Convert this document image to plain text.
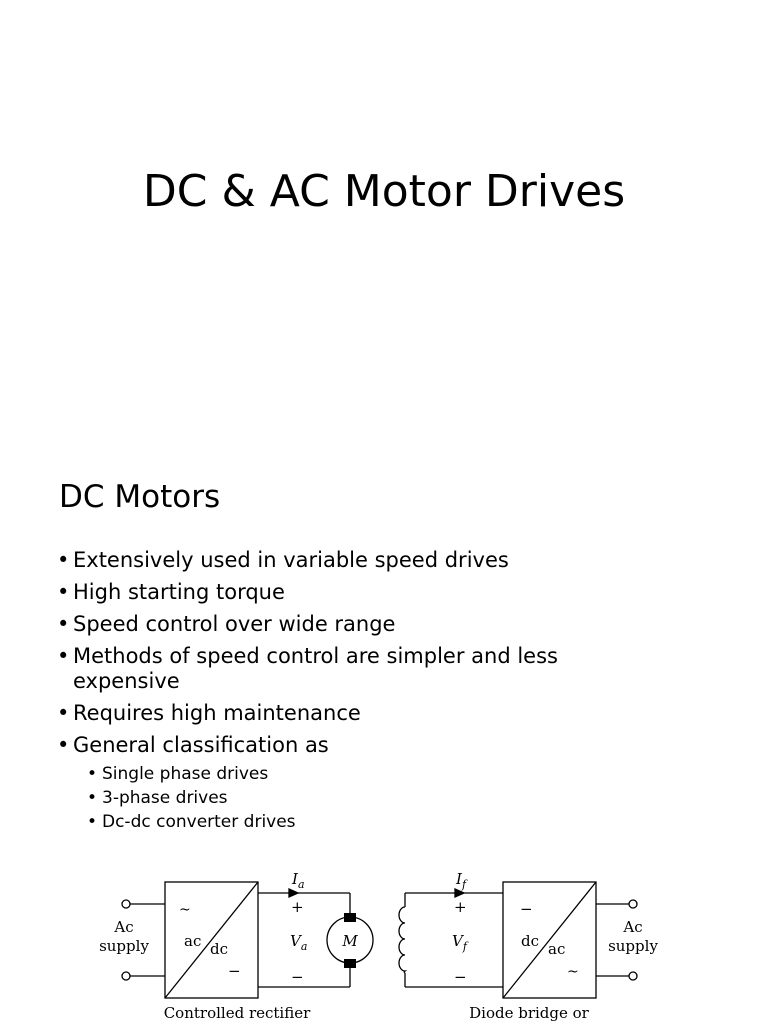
DC & AC Motor Drives
DC Motors
• Extensively used in variable speed drives
• High starting torque
• Speed control over wide range
• Methods of speed control are simpler and less expensive
• Requires high maintenance
• General classification as
• Single phase drives
• 3-phase drives
• Dc-dc converter drives
Ac
supply
~
ac dc
−
$I_a$
+
$V_a$
−
M
Controlled rectifier
$I_f$
+
$V_f$
−
−
dc ac
~
Ac
supply
Diode bridge or
